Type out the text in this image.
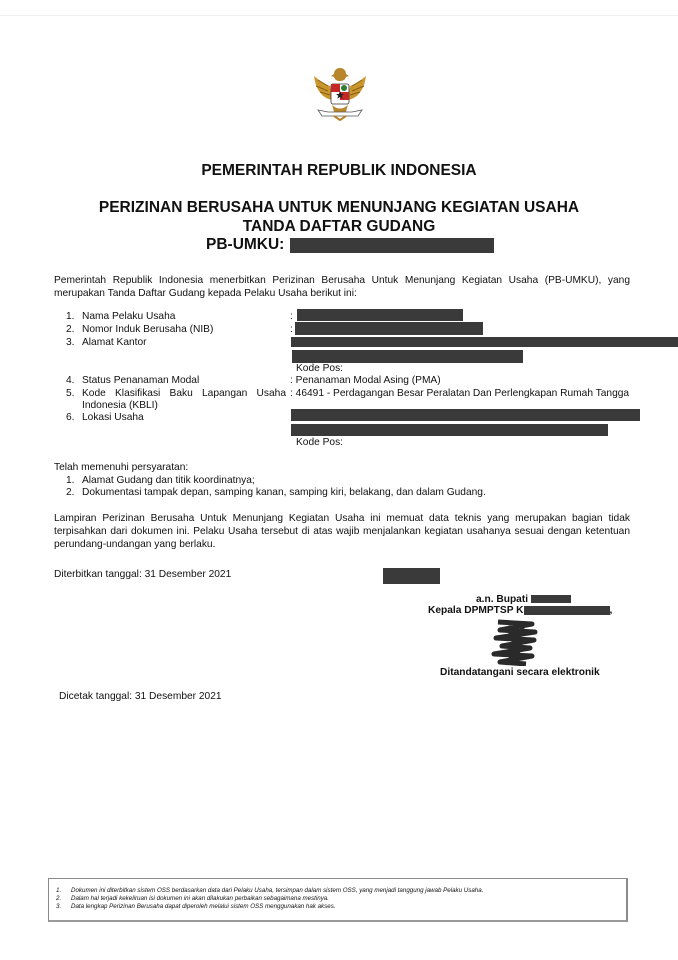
PEMERINTAH REPUBLIK INDONESIA
PERIZINAN BERUSAHA UNTUK MENUNJANG KEGIATAN USAHA
TANDA DAFTAR GUDANG
PB-UMKU:
Pemerintah Republik Indonesia menerbitkan Perizinan Berusaha Untuk Menunjang Kegiatan Usaha (PB-UMKU), yang merupakan Tanda Daftar Gudang kepada Pelaku Usaha berikut ini:
1. Nama Pelaku Usaha	:
2. Nomor Induk Berusaha (NIB)	:
3. Alamat Kantor
Kode Pos:
4. Status Penanaman Modal	: Penanaman Modal Asing (PMA)
5. Kode Klasifikasi Baku Lapangan Usaha
Indonesia (KBLI)
: 46491 - Perdagangan Besar Peralatan Dan Perlengkapan Rumah Tangga
6. Lokasi Usaha
Kode Pos:
Telah memenuhi persyaratan:
1. Alamat Gudang dan titik koordinatnya;
2. Dokumentasi tampak depan, samping kanan, samping kiri, belakang, dan dalam Gudang.
Lampiran Perizinan Berusaha Untuk Menunjang Kegiatan Usaha ini memuat data teknis yang merupakan bagian tidak terpisahkan dari dokumen ini. Pelaku Usaha tersebut di atas wajib menjalankan kegiatan usahanya sesuai dengan ketentuan perundang-undangan yang berlaku.
Diterbitkan tanggal: 31 Desember 2021
a.n. Bupati
Kepala DPMPTSP K	,
Ditandatangani secara elektronik
Dicetak tanggal: 31 Desember 2021
1. Dokumen ini diterbitkan sistem OSS berdasarkan data dari Pelaku Usaha, tersimpan dalam sistem OSS, yang menjadi tanggung jawab Pelaku Usaha.
2. Dalam hal terjadi kekeliruan isi dokumen ini akan dilakukan perbaikan sebagaimana mestinya.
3. Data lengkap Perizinan Berusaha dapat diperoleh melalui sistem OSS menggunakan hak akses.
